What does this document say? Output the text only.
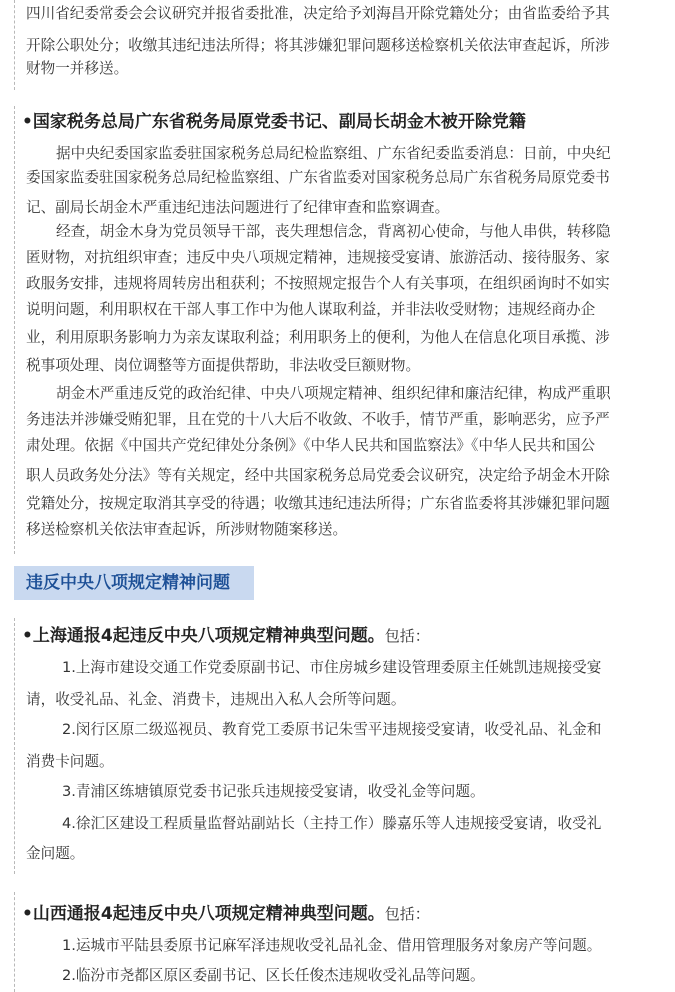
四川省纪委常委会会议研究并报省委批准，决定给予刘海昌开除党籍处分；由省监委给予其
开除公职处分；收缴其违纪违法所得；将其涉嫌犯罪问题移送检察机关依法审查起诉，所涉
财物一并移送。
•国家税务总局广东省税务局原党委书记、副局长胡金木被开除党籍
据中央纪委国家监委驻国家税务总局纪检监察组、广东省纪委监委消息：日前，中央纪
委国家监委驻国家税务总局纪检监察组、广东省监委对国家税务总局广东省税务局原党委书
记、副局长胡金木严重违纪违法问题进行了纪律审查和监察调查。
经查，胡金木身为党员领导干部，丧失理想信念，背离初心使命，与他人串供，转移隐
匿财物，对抗组织审查；违反中央八项规定精神，违规接受宴请、旅游活动、接待服务、家
政服务安排，违规将周转房出租获利；不按照规定报告个人有关事项，在组织函询时不如实
说明问题，利用职权在干部人事工作中为他人谋取利益，并非法收受财物；违规经商办企
业，利用原职务影响力为亲友谋取利益；利用职务上的便利，为他人在信息化项目承揽、涉
税事项处理、岗位调整等方面提供帮助，非法收受巨额财物。
胡金木严重违反党的政治纪律、中央八项规定精神、组织纪律和廉洁纪律，构成严重职
务违法并涉嫌受贿犯罪，且在党的十八大后不收敛、不收手，情节严重，影响恶劣，应予严
肃处理。依据《中国共产党纪律处分条例》《中华人民共和国监察法》《中华人民共和国公
职人员政务处分法》等有关规定，经中共国家税务总局党委会议研究，决定给予胡金木开除
党籍处分，按规定取消其享受的待遇；收缴其违纪违法所得；广东省监委将其涉嫌犯罪问题
移送检察机关依法审查起诉，所涉财物随案移送。
违反中央八项规定精神问题
•上海通报4起违反中央八项规定精神典型问题。包括：
1.上海市建设交通工作党委原副书记、市住房城乡建设管理委原主任姚凯违规接受宴
请，收受礼品、礼金、消费卡，违规出入私人会所等问题。
2.闵行区原二级巡视员、教育党工委原书记朱雪平违规接受宴请，收受礼品、礼金和
消费卡问题。
3.青浦区练塘镇原党委书记张兵违规接受宴请，收受礼金等问题。
4.徐汇区建设工程质量监督站副站长（主持工作）滕嘉乐等人违规接受宴请，收受礼
金问题。
•山西通报4起违反中央八项规定精神典型问题。包括：
1.运城市平陆县委原书记麻军泽违规收受礼品礼金、借用管理服务对象房产等问题。
2.临汾市尧都区原区委副书记、区长任俊杰违规收受礼品等问题。
